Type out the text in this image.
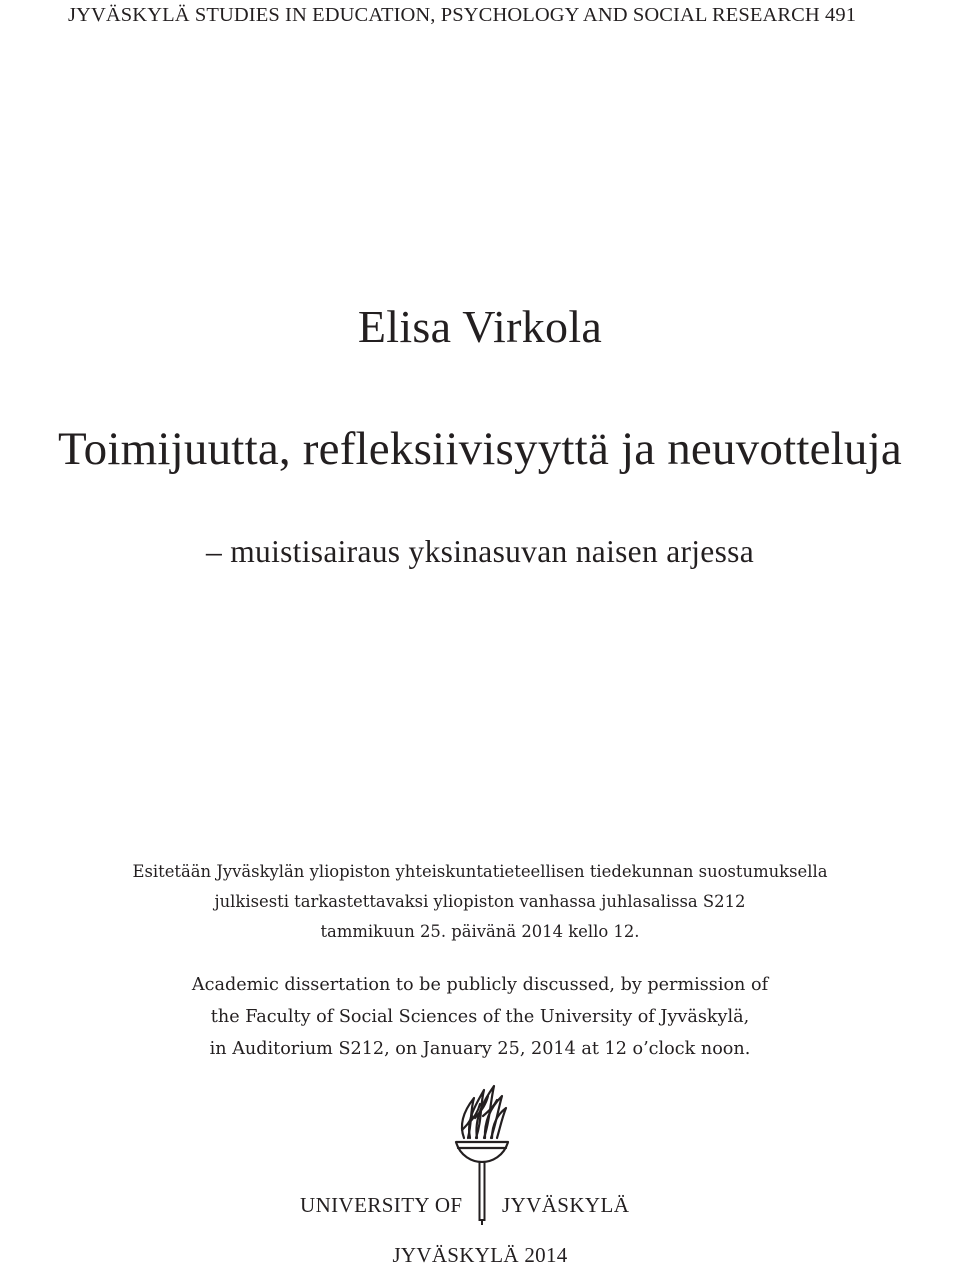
JYVÄSKYLÄ STUDIES IN EDUCATION, PSYCHOLOGY AND SOCIAL RESEARCH 491
Elisa Virkola
Toimijuutta, refleksiivisyyttä ja neuvotteluja
– muistisairaus yksinasuvan naisen arjessa
Esitetään Jyväskylän yliopiston yhteiskuntatieteellisen tiedekunnan suostumuksella
julkisesti tarkastettavaksi yliopiston vanhassa juhlasalissa S212
tammikuun 25. päivänä 2014 kello 12.
Academic dissertation to be publicly discussed, by permission of
the Faculty of Social Sciences of the University of Jyväskylä,
in Auditorium S212, on January 25, 2014 at 12 o’clock noon.
UNIVERSITY OF JYVÄSKYLÄ
JYVÄSKYLÄ 2014
